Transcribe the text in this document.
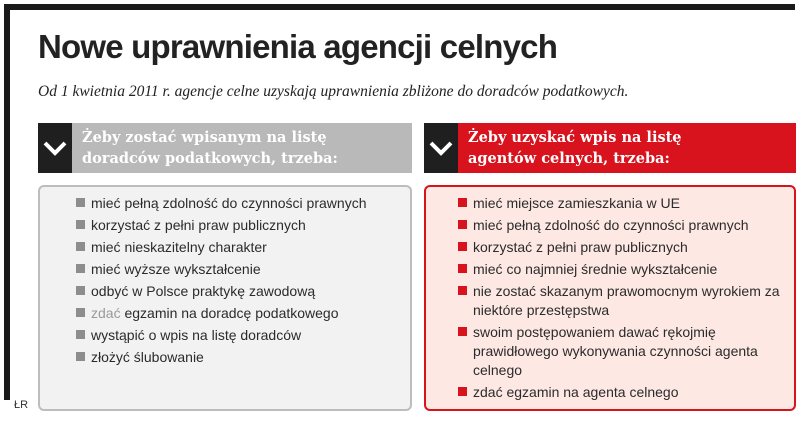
Nowe uprawnienia agencji celnych
Od 1 kwietnia 2011 r. agencje celne uzyskają uprawnienia zbliżone do doradców podatkowych.
Żeby zostać wpisanym na listę
doradców podatkowych, trzeba:
mieć pełną zdolność do czynności prawnych
korzystać z pełni praw publicznych
mieć nieskazitelny charakter
mieć wyższe wykształcenie
odbyć w Polsce praktykę zawodową
zdać egzamin na doradcę podatkowego
wystąpić o wpis na listę doradców
złożyć ślubowanie
Żeby uzyskać wpis na listę
agentów celnych, trzeba:
mieć miejsce zamieszkania w UE
mieć pełną zdolność do czynności prawnych
korzystać z pełni praw publicznych
mieć co najmniej średnie wykształcenie
nie zostać skazanym prawomocnym wyrokiem za niektóre przestępstwa
swoim postępowaniem dawać rękojmię prawidłowego wykonywania czynności agenta celnego
zdać egzamin na agenta celnego
ŁR
